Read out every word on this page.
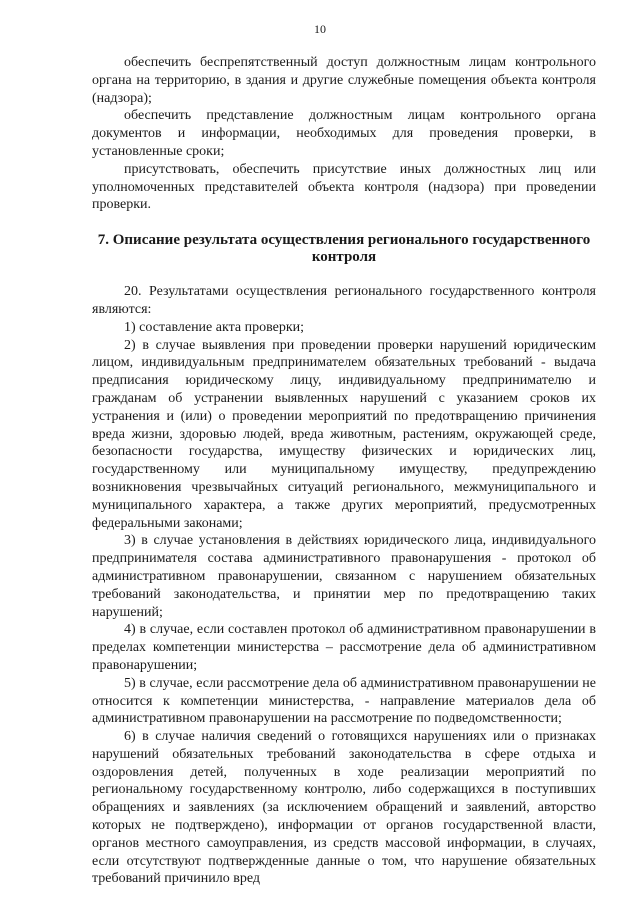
10

обеспечить беспрепятственный доступ должностным лицам контрольного органа на территорию, в здания и другие служебные помещения объекта контроля (надзора);

обеспечить представление должностным лицам контрольного органа документов и информации, необходимых для проведения проверки, в установленные сроки;

присутствовать, обеспечить присутствие иных должностных лиц или уполномоченных представителей объекта контроля (надзора) при проведении проверки.

7. Описание результата осуществления регионального государственного контроля

20. Результатами осуществления регионального государственного контроля являются:

1) составление акта проверки;

2) в случае выявления при проведении проверки нарушений юридическим лицом, индивидуальным предпринимателем обязательных требований - выдача предписания юридическому лицу, индивидуальному предпринимателю и гражданам об устранении выявленных нарушений с указанием сроков их устранения и (или) о проведении мероприятий по предотвращению причинения вреда жизни, здоровью людей, вреда животным, растениям, окружающей среде, безопасности государства, имуществу физических и юридических лиц, государственному или муниципальному имуществу, предупреждению возникновения чрезвычайных ситуаций регионального, межмуниципального и муниципального характера, а также других мероприятий, предусмотренных федеральными законами;

3) в случае установления в действиях юридического лица, индивидуального предпринимателя состава административного правонарушения - протокол об административном правонарушении, связанном с нарушением обязательных требований законодательства, и принятии мер по предотвращению таких нарушений;

4) в случае, если составлен протокол об административном правонарушении в пределах компетенции министерства – рассмотрение дела об административном правонарушении;

5) в случае, если рассмотрение дела об административном правонарушении не относится к компетенции министерства, - направление материалов дела об административном правонарушении на рассмотрение по подведомственности;

6) в случае наличия сведений о готовящихся нарушениях или о признаках нарушений обязательных требований законодательства в сфере отдыха и оздоровления детей, полученных в ходе реализации мероприятий по региональному государственному контролю, либо содержащихся в поступивших обращениях и заявлениях (за исключением обращений и заявлений, авторство которых не подтверждено), информации от органов государственной власти, органов местного самоуправления, из средств массовой информации, в случаях, если отсутствуют подтвержденные данные о том, что нарушение обязательных требований причинило вред
